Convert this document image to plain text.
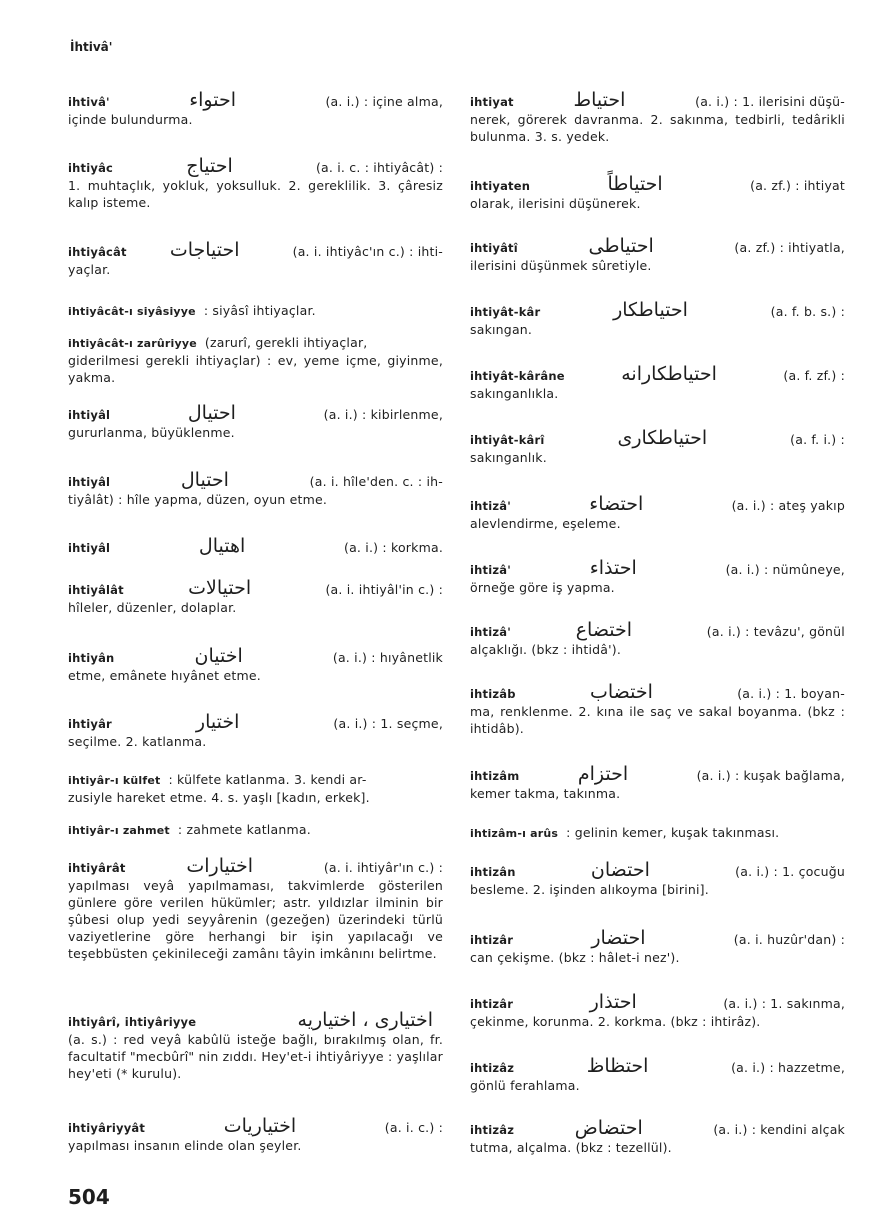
İhtivâ'
ihtivâ'	احتواء	(a. i.) : içine alma,
içinde bulundurma.
ihtiyâc	احتياج	(a. i. c. : ihtiyâcât) :
1. muhtaçlık, yokluk, yoksulluk. 2. gereklilik. 3. çâresiz kalıp isteme.
ihtiyâcât احتياجات	(a. i. ihtiyâc'ın c.) : ihti-
yaçlar.
ihtiyâcât-ı siyâsiyye : siyâsî ihtiyaçlar.
ihtiyâcât-ı zarûriyye (zarurî, gerekli ihtiyaçlar,
giderilmesi gerekli ihtiyaçlar) : ev, yeme içme, giyinme, yakma.
ihtiyâl	احتيال	(a. i.) : kibirlenme,
gururlanma, büyüklenme.
ihtiyâl	احتيال	(a. i. hîle'den. c. : ih-
tiyâlât) : hîle yapma, düzen, oyun etme.
ihtiyâl	اهتيال	(a. i.) : korkma.
ihtiyâlât	احتيالات	(a. i. ihtiyâl'in c.) :
hîleler, düzenler, dolaplar.
ihtiyân	اختيان	(a. i.) : hıyânetlik
etme, emânete hıyânet etme.
ihtiyâr	اختيار	(a. i.) : 1. seçme,
seçilme. 2. katlanma.
ihtiyâr-ı külfet : külfete katlanma. 3. kendi ar-
zusiyle hareket etme. 4. s. yaşlı [kadın, erkek].
ihtiyâr-ı zahmet : zahmete katlanma.
ihtiyârât	اختيارات	(a. i. ihtiyâr'ın c.) :
yapılması veyâ yapılmaması, takvimlerde gösterilen günlere göre verilen hükümler; astr. yıldızlar ilminin bir şûbesi olup yedi seyyârenin (gezeğen) üzerindeki türlü vaziyetlerine göre herhangi bir işin yapılacağı ve teşebbüsten çekinileceği zamânı tâyin imkânını belirtme.
ihtiyârî, ihtiyâriyye	اختيارى ، اختياريه
(a. s.) : red veyâ kabûlü isteğe bağlı, bırakılmış olan, fr. facultatif "mecbûrî" nin zıddı. Hey'et-i ihtiyâriyye : yaşlılar hey'eti (* kurulu).
ihtiyâriyyât	اختياريات	(a. i. c.) :
yapılması insanın elinde olan şeyler.
ihtiyat	احتياط	(a. i.) : 1. ilerisini düşü-
nerek, görerek davranma. 2. sakınma, tedbirli, tedârikli bulunma. 3. s. yedek.
ihtiyaten	احتياطاً	(a. zf.) : ihtiyat
olarak, ilerisini düşünerek.
ihtiyâtî	احتياطى	(a. zf.) : ihtiyatla,
ilerisini düşünmek sûretiyle.
ihtiyât-kâr	احتياطكار	(a. f. b. s.) :
sakıngan.
ihtiyât-kârâne	احتياطكارانه	(a. f. zf.) :
sakınganlıkla.
ihtiyât-kârî	احتياطكارى	(a. f. i.) :
sakınganlık.
ihtizâ'	احتضاء	(a. i.) : ateş yakıp
alevlendirme, eşeleme.
ihtizâ'	احتذاء	(a. i.) : nümûneye,
örneğe göre iş yapma.
ihtizâ'	اختضاع	(a. i.) : tevâzu', gönül
alçaklığı. (bkz : ihtidâ').
ihtizâb	اختضاب	(a. i.) : 1. boyan-
ma, renklenme. 2. kına ile saç ve sakal boyanma. (bkz : ihtidâb).
ihtizâm	احتزام	(a. i.) : kuşak bağlama,
kemer takma, takınma.
ihtizâm-ı arûs : gelinin kemer, kuşak takınması.
ihtizân	احتضان	(a. i.) : 1. çocuğu
besleme. 2. işinden alıkoyma [birini].
ihtizâr	احتضار	(a. i. huzûr'dan) :
can çekişme. (bkz : hâlet-i nez').
ihtizâr	احتذار	(a. i.) : 1. sakınma,
çekinme, korunma. 2. korkma. (bkz : ihtirâz).
ihtizâz	احتظاظ	(a. i.) : hazzetme,
gönlü ferahlama.
ihtizâz	احتضاض	(a. i.) : kendini alçak
tutma, alçalma. (bkz : tezellül).
504
